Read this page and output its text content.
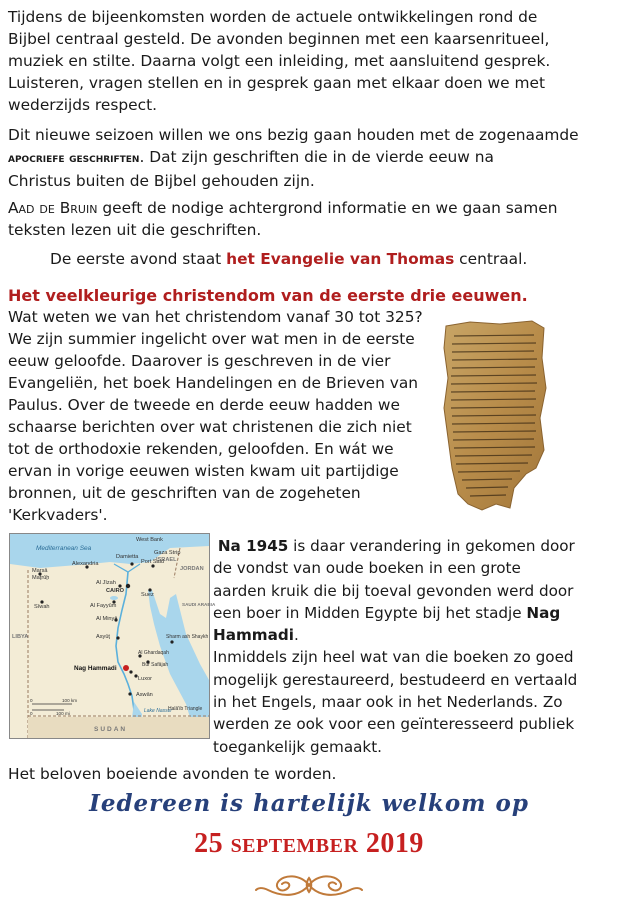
Tijdens de bijeenkomsten worden de actuele ontwikkelingen rond de
Bijbel centraal gesteld. De avonden beginnen met een kaarsenritueel,
muziek en stilte. Daarna volgt een inleiding, met aansluitend gesprek.
Luisteren, vragen stellen en in gesprek gaan met elkaar doen we met
wederzijds respect.
Dit nieuwe seizoen willen we ons bezig gaan houden met de zogenaamde
apocriefe geschriften. Dat zijn geschriften die in de vierde eeuw na
Christus buiten de Bijbel gehouden zijn.
Aad de Bruin geeft de nodige achtergrond informatie en we gaan samen
teksten lezen uit die geschriften.
De eerste avond staat het Evangelie van Thomas centraal.
Het veelkleurige christendom van de eerste drie eeuwen.
Wat weten we van het christendom vanaf 30 tot 325?
We zijn summier ingelicht over wat men in de eerste
eeuw geloofde. Daarover is geschreven in de vier
Evangeliën, het boek Handelingen en de Brieven van
Paulus. Over de tweede en derde eeuw hadden we
schaarse berichten over wat christenen die zich niet
tot de orthodoxie rekenden, geloofden. En wát we
ervan in vorige eeuwen wisten kwam uit partijdige
bronnen, uit de geschriften van de zogeheten
'Kerkvaders'.
West Bank
Mediterranean Sea
Gaza Strip
ISRAEL
JORDAN
Damietta
Port Said
Marsā
Maţrūḩ
Alexandria
Al Jīzah
CAIRO
Suez
Sīwah	Al Fayyūm
Al Minyā
SAUDI ARABIA
LIBYA	Asyūţ	Sharm ash Shaykh
Al Ghardaqah
Būr Safājah
Nag Hammadi
Luxor
Aswān
Lake Nasser
Halā'ib Triangle
SUDAN
0	100 km
0	100 mi
Na 1945 is daar verandering in gekomen door
de vondst van oude boeken in een grote
aarden kruik die bij toeval gevonden werd door
een boer in Midden Egypte bij het stadje Nag
Hammadi.
Inmiddels zijn heel wat van die boeken zo goed
mogelijk gerestaureerd, bestudeerd en vertaald
in het Engels, maar ook in het Nederlands. Zo
werden ze ook voor een geïnteresseerd publiek
toegankelijk gemaakt.
Het beloven boeiende avonden te worden.
Iedereen is hartelijk welkom op
25 september 2019
